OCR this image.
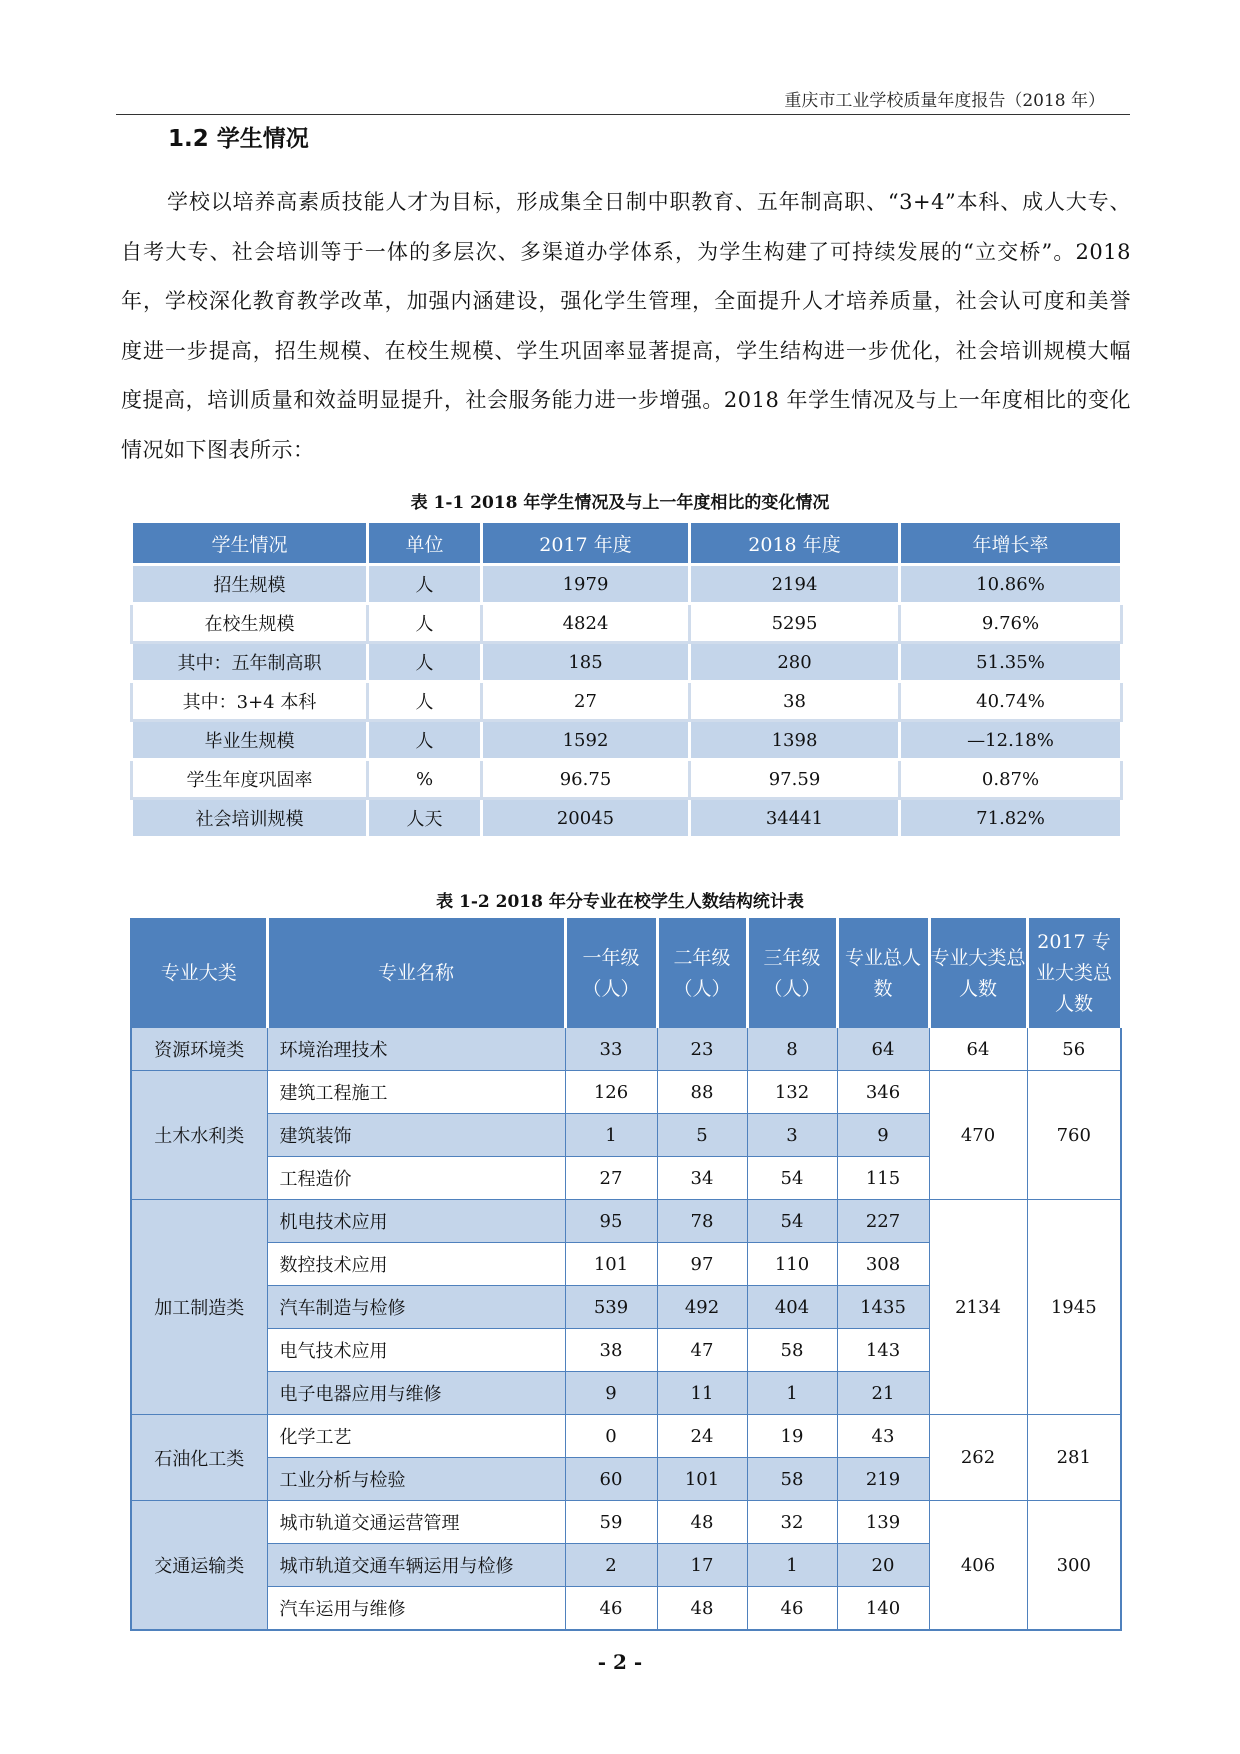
重庆市工业学校质量年度报告（2018 年）
1.2 学生情况

学校以培养高素质技能人才为目标，形成集全日制中职教育、五年制高职、“3+4”本科、成人大专、自考大专、社会培训等于一体的多层次、多渠道办学体系，为学生构建了可持续发展的“立交桥”。2018 年，学校深化教育教学改革，加强内涵建设，强化学生管理，全面提升人才培养质量，社会认可度和美誉度进一步提高，招生规模、在校生规模、学生巩固率显著提高，学生结构进一步优化，社会培训规模大幅度提高，培训质量和效益明显提升，社会服务能力进一步增强。2018 年学生情况及与上一年度相比的变化情况如下图表所示：

表 1-1 2018 年学生情况及与上一年度相比的变化情况
学生情况	单位	2017 年度	2018 年度	年增长率
招生规模	人	1979	2194	10.86%
在校生规模	人	4824	5295	9.76%
其中：五年制高职	人	185	280	51.35%
其中：3+4 本科	人	27	38	40.74%
毕业生规模	人	1592	1398	—12.18%
学生年度巩固率	%	96.75	97.59	0.87%
社会培训规模	人天	20045	34441	71.82%
表 1-2 2018 年分专业在校学生人数结构统计表
专业大类	专业名称	一年级（人）	二年级（人）	三年级（人）	专业总人数	专业大类总人数	2017 专业大类总人数
资源环境类	环境治理技术	33	23	8	64	64	56
土木水利类	建筑工程施工	126	88	132	346	470	760
	建筑装饰	1	5	3	9		
	工程造价	27	34	54	115		
加工制造类	机电技术应用	95	78	54	227	2134	1945
	数控技术应用	101	97	110	308		
	汽车制造与检修	539	492	404	1435		
	电气技术应用	38	47	58	143		
	电子电器应用与维修	9	11	1	21		
石油化工类	化学工艺	0	24	19	43	262	281
	工业分析与检验	60	101	58	219		
交通运输类	城市轨道交通运营管理	59	48	32	139	406	300
	城市轨道交通车辆运用与检修	2	17	1	20		
	汽车运用与维修	46	48	46	140		
- 2 -
